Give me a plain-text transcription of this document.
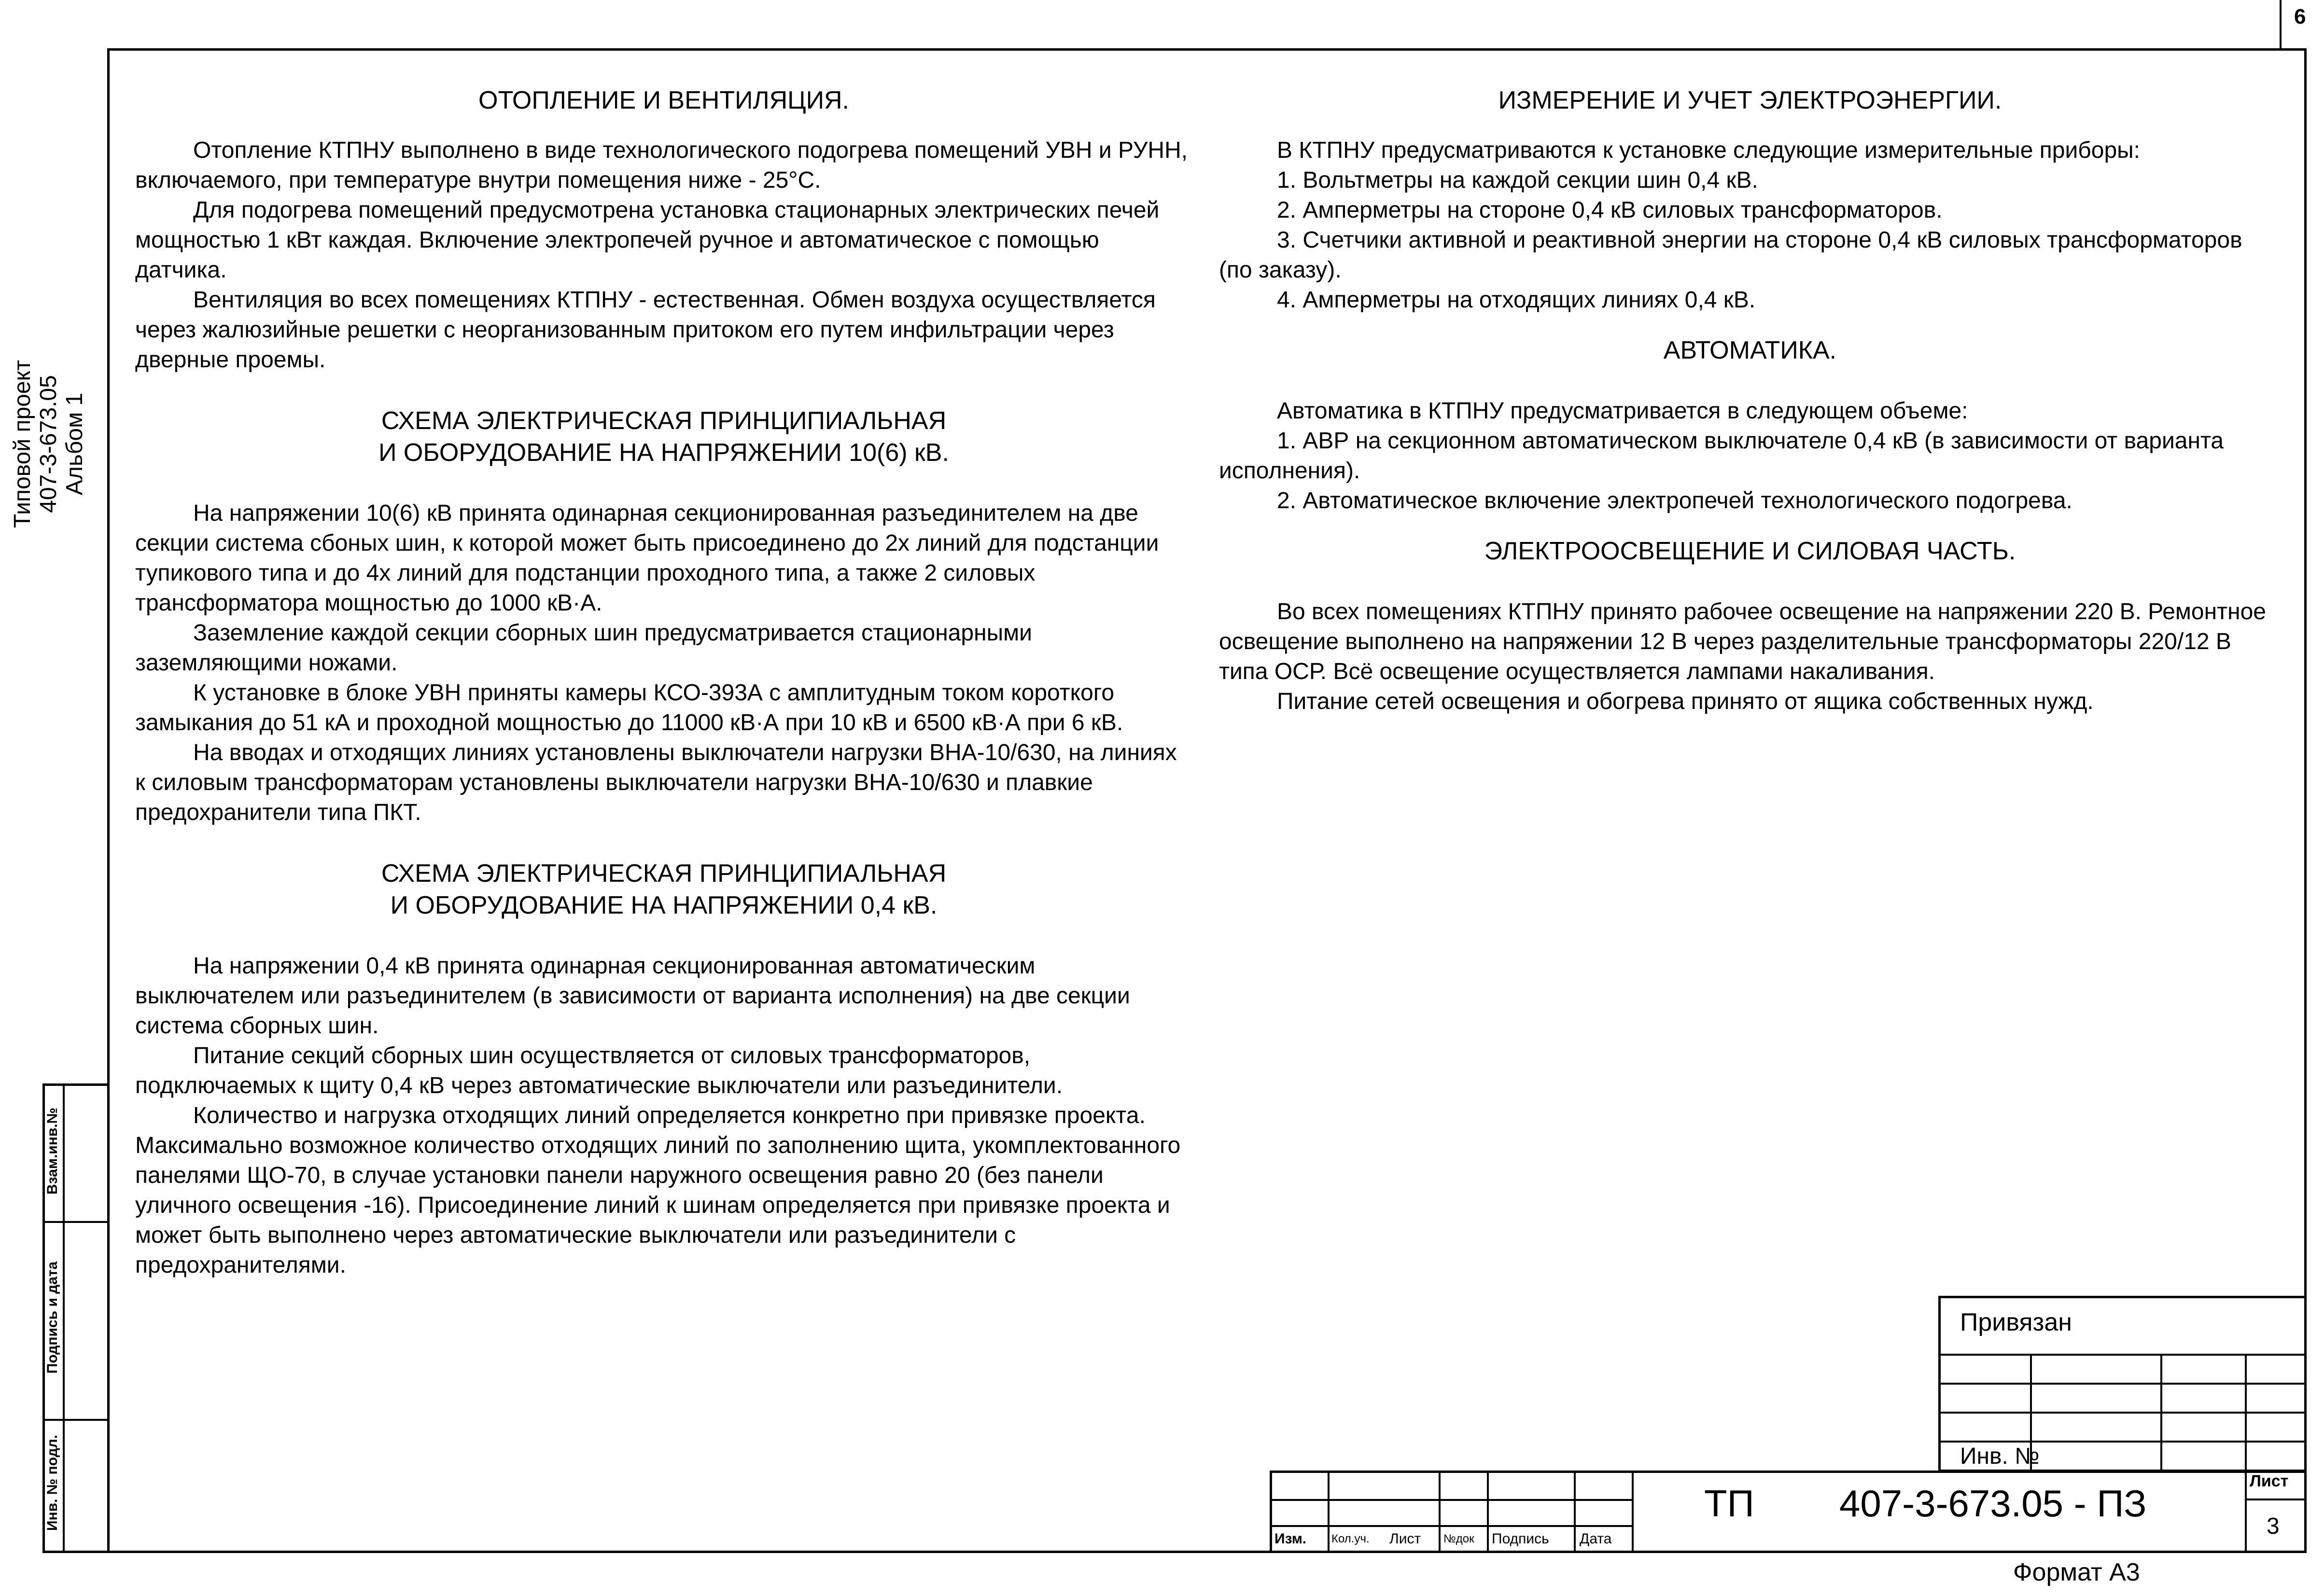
6
Типовой проект 407-3-673.05 Альбом 1
Взам.инв.№
Подпись и дата
Инв. № подл.
ОТОПЛЕНИЕ И ВЕНТИЛЯЦИЯ.

Отопление КТПНУ выполнено в виде технологического подогрева помещений УВН и РУНН, включаемого, при температуре внутри помещения ниже - 25°С.

Для подогрева помещений предусмотрена установка стационарных электрических печей мощностью 1 кВт каждая. Включение электропечей ручное и автоматическое с помощью датчика.

Вентиляция во всех помещениях КТПНУ - естественная. Обмен воздуха осуществляется через жалюзийные решетки с неорганизованным притоком его путем инфильтрации через дверные проемы.

СХЕМА ЭЛЕКТРИЧЕСКАЯ ПРИНЦИПИАЛЬНАЯ
И ОБОРУДОВАНИЕ НА НАПРЯЖЕНИИ 10(6) кВ.

На напряжении 10(6) кВ принята одинарная секционированная разъединителем на две секции система сбоных шин, к которой может быть присоединено до 2х линий для подстанции тупикового типа и до 4х линий для подстанции проходного типа, а также 2 силовых трансформатора мощностью до 1000 кВ·А.

Заземление каждой секции сборных шин предусматривается стационарными заземляющими ножами.

К установке в блоке УВН приняты камеры КСО-393А с амплитудным током короткого замыкания до 51 кА и проходной мощностью до 11000 кВ·А при 10 кВ и 6500 кВ·А при 6 кВ.

На вводах и отходящих линиях установлены выключатели нагрузки ВНА-10/630, на линиях к силовым трансформаторам установлены выключатели нагрузки ВНА-10/630 и плавкие предохранители типа ПКТ.

СХЕМА ЭЛЕКТРИЧЕСКАЯ ПРИНЦИПИАЛЬНАЯ
И ОБОРУДОВАНИЕ НА НАПРЯЖЕНИИ 0,4 кВ.

На напряжении 0,4 кВ принята одинарная секционированная автоматическим выключателем или разъединителем (в зависимости от варианта исполнения) на две секции система сборных шин.

Питание секций сборных шин осуществляется от силовых трансформаторов, подключаемых к щиту 0,4 кВ через автоматические выключатели или разъединители.

Количество и нагрузка отходящих линий определяется конкретно при привязке проекта. Максимально возможное количество отходящих линий по заполнению щита, укомплектованного панелями ЩО-70, в случае установки панели наружного освещения равно 20 (без панели уличного освещения -16). Присоединение линий к шинам определяется при привязке проекта и может быть выполнено через автоматические выключатели или разъединители с предохранителями.

ИЗМЕРЕНИЕ И УЧЕТ ЭЛЕКТРОЭНЕРГИИ.

В КТПНУ предусматриваются к установке следующие измерительные приборы:

1. Вольтметры на каждой секции шин 0,4 кВ.

2. Амперметры на стороне 0,4 кВ силовых трансформаторов.

3. Счетчики активной и реактивной энергии на стороне 0,4 кВ силовых трансформаторов (по заказу).

4. Амперметры на отходящих линиях 0,4 кВ.

АВТОМАТИКА.

Автоматика в КТПНУ предусматривается в следующем объеме:

1. АВР на секционном автоматическом выключателе 0,4 кВ (в зависимости от варианта исполнения).

2. Автоматическое включение электропечей технологического подогрева.

ЭЛЕКТРООСВЕЩЕНИЕ И СИЛОВАЯ ЧАСТЬ.

Во всех помещениях КТПНУ принято рабочее освещение на напряжении 220 В. Ремонтное освещение выполнено на напряжении 12 В через разделительные трансформаторы 220/12 В типа ОСР. Всё освещение осуществляется лампами накаливания.

Питание сетей освещения и обогрева принято от ящика собственных нужд.

Привязан
Инв. №
Изм. Кол.уч. Лист №док Подпись Дата
ТП 407-3-673.05 - ПЗ
Лист
3
Формат А3
